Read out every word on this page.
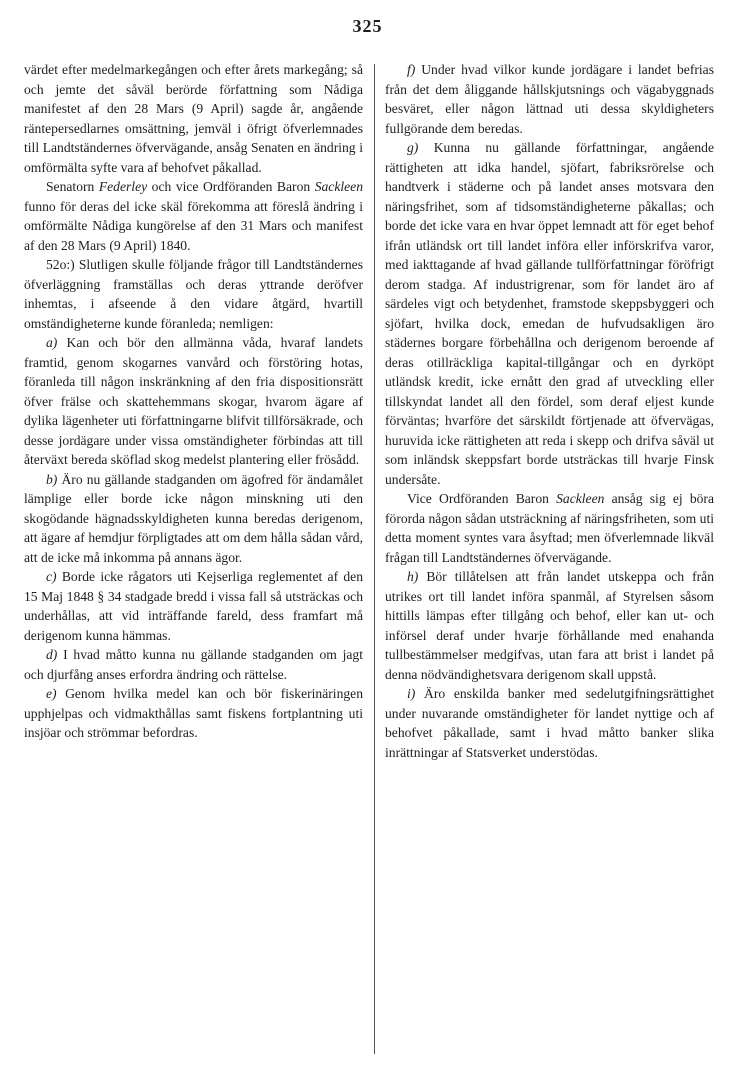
325

värdet efter medelmarkegången och efter årets markegång; så och jemte det såväl berörde författning som Nådiga manifestet af den 28 Mars (9 April) sagde år, angående räntepersedlarnes omsättning, jemväl i öfrigt öfverlemnades till Landtständernes öfvervägande, ansåg Senaten en ändring i omförmälta syfte vara af behofvet påkallad.

Senatorn Federley och vice Ordföranden Baron Sackleen funno för deras del icke skäl förekomma att föreslå ändring i omförmälte Nådiga kungörelse af den 31 Mars och manifest af den 28 Mars (9 April) 1840.

52o:) Slutligen skulle följande frågor till Landtständernes öfverläggning framställas och deras yttrande deröfver inhemtas, i afseende å den vidare åtgärd, hvartill omständigheterne kunde föranleda; nemligen:

a) Kan och bör den allmänna våda, hvaraf landets framtid, genom skogarnes vanvård och förstöring hotas, föranleda till någon inskränkning af den fria dispositionsrätt öfver frälse och skattehemmans skogar, hvarom ägare af dylika lägenheter uti författningarne blifvit tillförsäkrade, och desse jordägare under vissa omständigheter förbindas att till återväxt bereda sköflad skog medelst plantering eller frösådd.

b) Äro nu gällande stadganden om ägofred för ändamålet lämplige eller borde icke någon minskning uti den skogödande hägnadsskyldigheten kunna beredas derigenom, att ägare af hemdjur förpligtades att om dem hålla sådan vård, att de icke må inkomma på annans ägor.

c) Borde icke rågators uti Kejserliga reglementet af den 15 Maj 1848 § 34 stadgade bredd i vissa fall så utsträckas och underhållas, att vid inträffande fareld, dess framfart må derigenom kunna hämmas.

d) I hvad måtto kunna nu gällande stadganden om jagt och djurfång anses erfordra ändring och rättelse.

e) Genom hvilka medel kan och bör fiskerinäringen upphjelpas och vidmakthållas samt fiskens fortplantning uti insjöar och strömmar befordras.

f) Under hvad vilkor kunde jordägare i landet befrias från det dem åliggande hållskjutsnings och vägabyggnads besväret, eller någon lättnad uti dessa skyldigheters fullgörande dem beredas.

g) Kunna nu gällande författningar, angående rättigheten att idka handel, sjöfart, fabriksrörelse och handtverk i städerne och på landet anses motsvara den näringsfrihet, som af tidsomständigheterne påkallas; och borde det icke vara en hvar öppet lemnadt att för eget behof ifrån utländsk ort till landet införa eller införskrifva varor, med iakttagande af hvad gällande tullförfattningar föröfrigt derom stadga. Af industrigrenar, som för landet äro af särdeles vigt och betydenhet, framstode skeppsbyggeri och sjöfart, hvilka dock, emedan de hufvudsakligen äro städernes borgare förbehållna och derigenom beroende af deras otillräckliga kapital-tillgångar och en dyrköpt utländsk kredit, icke ernått den grad af utveckling eller tillskyndat landet all den fördel, som deraf eljest kunde förväntas; hvarföre det särskildt förtjenade att öfvervägas, huruvida icke rättigheten att reda i skepp och drifva såväl ut som inländsk skeppsfart borde utsträckas till hvarje Finsk undersåte.

Vice Ordföranden Baron Sackleen ansåg sig ej böra förorda någon sådan utsträckning af näringsfriheten, som uti detta moment syntes vara åsyftad; men öfverlemnade likväl frågan till Landtständernes öfvervägande.

h) Bör tillåtelsen att från landet utskeppa och från utrikes ort till landet införa spanmål, af Styrelsen såsom hittills lämpas efter tillgång och behof, eller kan ut- och införsel deraf under hvarje förhållande med enahanda tullbestämmelser medgifvas, utan fara att brist i landet på denna nödvändighetsvara derigenom skall uppstå.

i) Äro enskilda banker med sedelutgifningsrättighet under nuvarande omständigheter för landet nyttige och af behofvet påkallade, samt i hvad måtto banker slika inrättningar af Statsverket understödas.
